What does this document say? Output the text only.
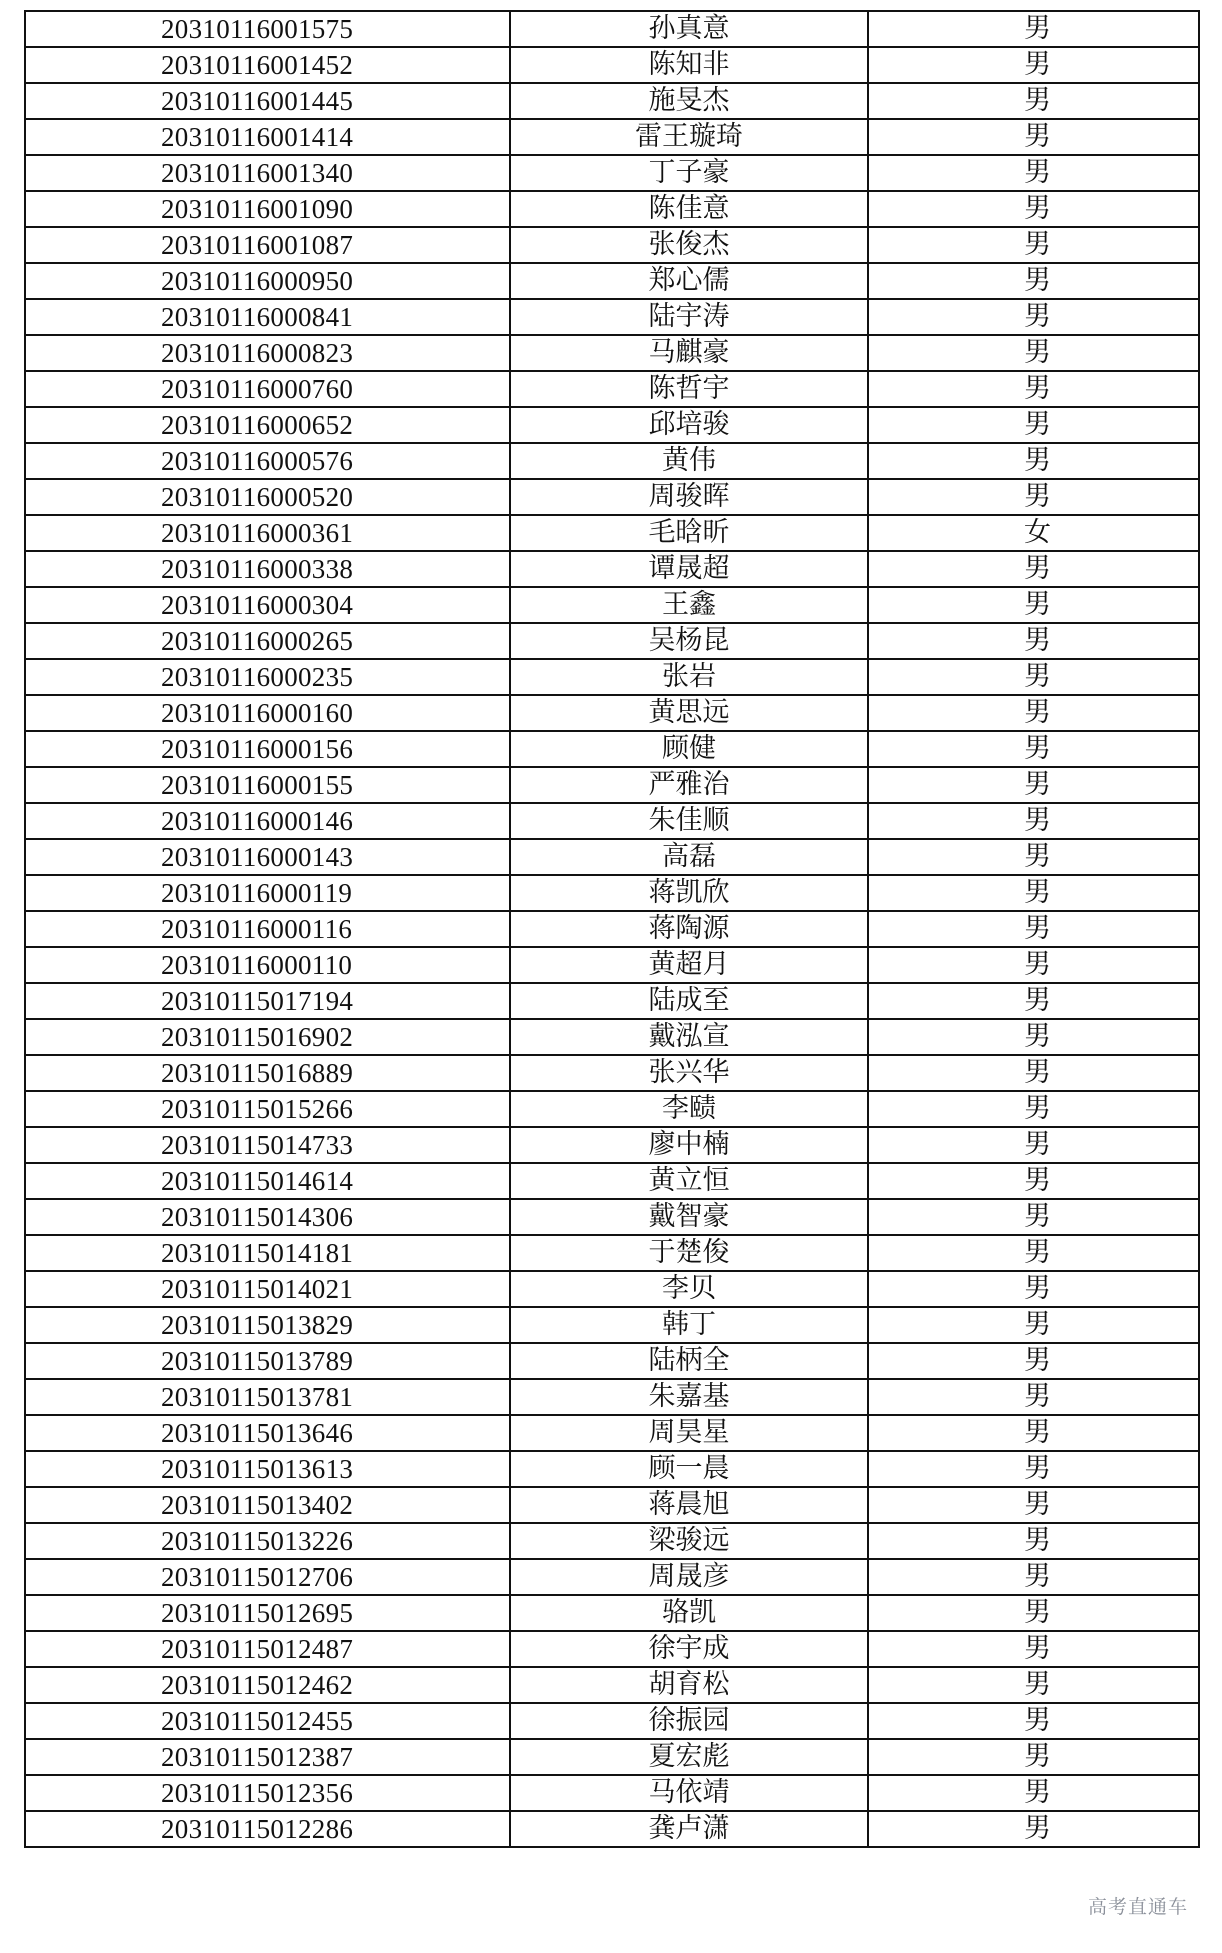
20310116001575	孙真意	男
20310116001452	陈知非	男
20310116001445	施旻杰	男
20310116001414	雷王璇琦	男
20310116001340	丁子豪	男
20310116001090	陈佳意	男
20310116001087	张俊杰	男
20310116000950	郑心儒	男
20310116000841	陆宇涛	男
20310116000823	马麒豪	男
20310116000760	陈哲宇	男
20310116000652	邱培骏	男
20310116000576	黄伟	男
20310116000520	周骏晖	男
20310116000361	毛晗昕	女
20310116000338	谭晟超	男
20310116000304	王鑫	男
20310116000265	吴杨昆	男
20310116000235	张岩	男
20310116000160	黄思远	男
20310116000156	顾健	男
20310116000155	严雅治	男
20310116000146	朱佳顺	男
20310116000143	高磊	男
20310116000119	蒋凯欣	男
20310116000116	蒋陶源	男
20310116000110	黄超月	男
20310115017194	陆成至	男
20310115016902	戴泓宣	男
20310115016889	张兴华	男
20310115015266	李赜	男
20310115014733	廖中楠	男
20310115014614	黄立恒	男
20310115014306	戴智豪	男
20310115014181	于楚俊	男
20310115014021	李贝	男
20310115013829	韩丁	男
20310115013789	陆柄全	男
20310115013781	朱嘉基	男
20310115013646	周昊星	男
20310115013613	顾一晨	男
20310115013402	蒋晨旭	男
20310115013226	梁骏远	男
20310115012706	周晟彦	男
20310115012695	骆凯	男
20310115012487	徐宇成	男
20310115012462	胡育松	男
20310115012455	徐振园	男
20310115012387	夏宏彪	男
20310115012356	马依靖	男
20310115012286	龚卢潇	男
高考直通车
